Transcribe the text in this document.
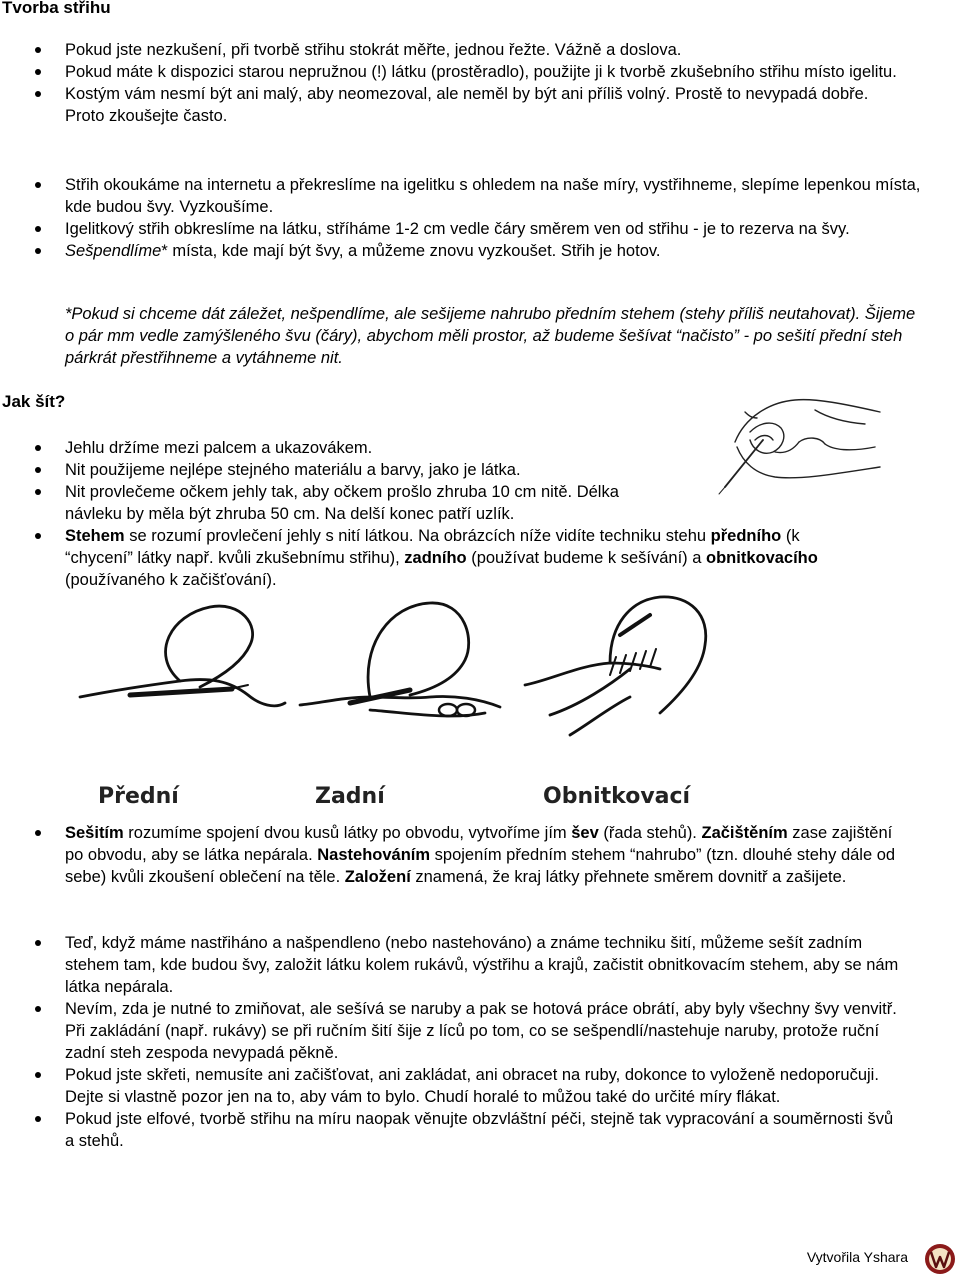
Tvorba střihu
Pokud jste nezkušení, při tvorbě střihu stokrát měřte, jednou řežte. Vážně a doslova.
Pokud máte k dispozici starou nepružnou (!) látku (prostěradlo), použijte ji k tvorbě zkušebního střihu místo igelitu.
Kostým vám nesmí být ani malý, aby neomezoval, ale neměl by být ani příliš volný. Prostě to nevypadá dobře. Proto zkoušejte často.
Střih okoukáme na internetu a překreslíme na igelitku s ohledem na naše míry, vystřihneme, slepíme lepenkou místa, kde budou švy. Vyzkoušíme.
Igelitkový střih obkreslíme na látku, stříháme 1-2 cm vedle čáry směrem ven od střihu - je to rezerva na švy.
Sešpendlíme* místa, kde mají být švy, a můžeme znovu vyzkoušet. Střih je hotov.
*Pokud si chceme dát záležet, nešpendlíme, ale sešijeme nahrubo předním stehem (stehy příliš neutahovat). Šijeme o pár mm vedle zamýšleného švu (čáry), abychom měli prostor, až budeme šešívat “načisto” - po sešití přední steh párkrát přestřihneme a vytáhneme nit.
Jak šít?
Jehlu držíme mezi palcem a ukazovákem.
Nit použijeme nejlépe stejného materiálu a barvy, jako je látka.
Nit provlečeme očkem jehly tak, aby očkem prošlo zhruba 10 cm nitě. Délka návleku by měla být zhruba 50 cm. Na delší konec patří uzlík.
Stehem se rozumí provlečení jehly s nití látkou. Na obrázcích níže vidíte techniku stehu předního (k “chycení” látky např. kvůli zkušebnímu střihu), zadního (používat budeme k sešívání) a obnitkovacího (používaného k začišťování).
Přední	Zadní	Obnitkovací
Sešitím rozumíme spojení dvou kusů látky po obvodu, vytvoříme jím šev (řada stehů). Začištěním zase zajištění po obvodu, aby se látka nepárala. Nastehováním spojením předním stehem “nahrubo” (tzn. dlouhé stehy dále od sebe) kvůli zkoušení oblečení na těle. Založení znamená, že kraj látky přehnete směrem dovnitř a zašijete.
Teď, když máme nastřiháno a našpendleno (nebo nastehováno) a známe techniku šití, můžeme sešít zadním stehem tam, kde budou švy, založit látku kolem rukávů, výstřihu a krajů, začistit obnitkovacím stehem, aby se nám látka nepárala.
Nevím, zda je nutné to zmiňovat, ale sešívá se naruby a pak se hotová práce obrátí, aby byly všechny švy venvitř. Při zakládání (např. rukávy) se při ručním šití šije z líců po tom, co se sešpendlí/nastehuje naruby, protože ruční zadní steh zespoda nevypadá pěkně.
Pokud jste skřeti, nemusíte ani začišťovat, ani zakládat, ani obracet na ruby, dokonce to vyloženě nedoporučuji. Dejte si vlastně pozor jen na to, aby vám to bylo. Chudí horalé to můžou také do určité míry flákat.
Pokud jste elfové, tvorbě střihu na míru naopak věnujte obzvláštní péči, stejně tak vypracování a souměrnosti švů a stehů.
Vytvořila Yshara
